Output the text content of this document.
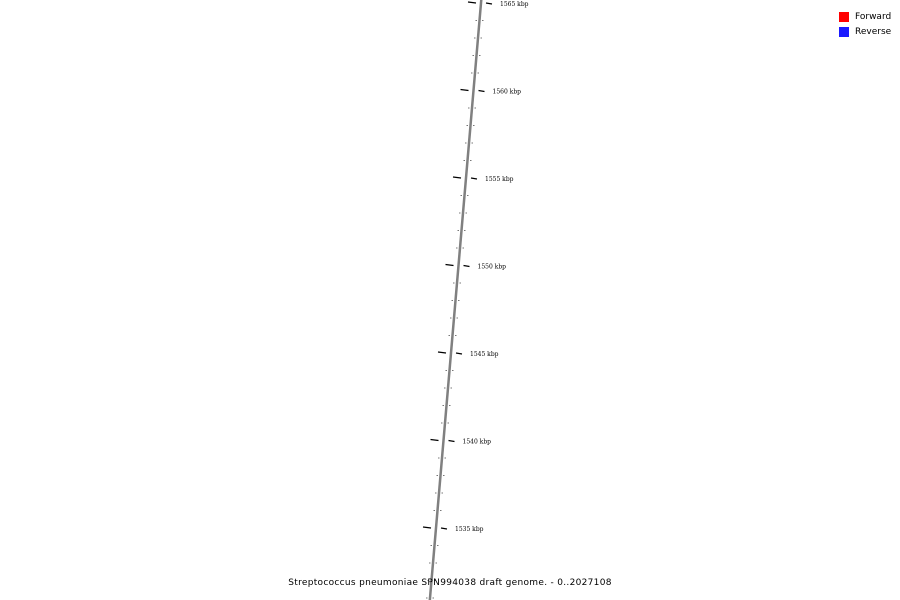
1565 kbp
1560 kbp
1555 kbp
1550 kbp
1545 kbp
1540 kbp
1535 kbp
Forward
Reverse
Streptococcus pneumoniae SPN994038 draft genome. - 0..2027108
